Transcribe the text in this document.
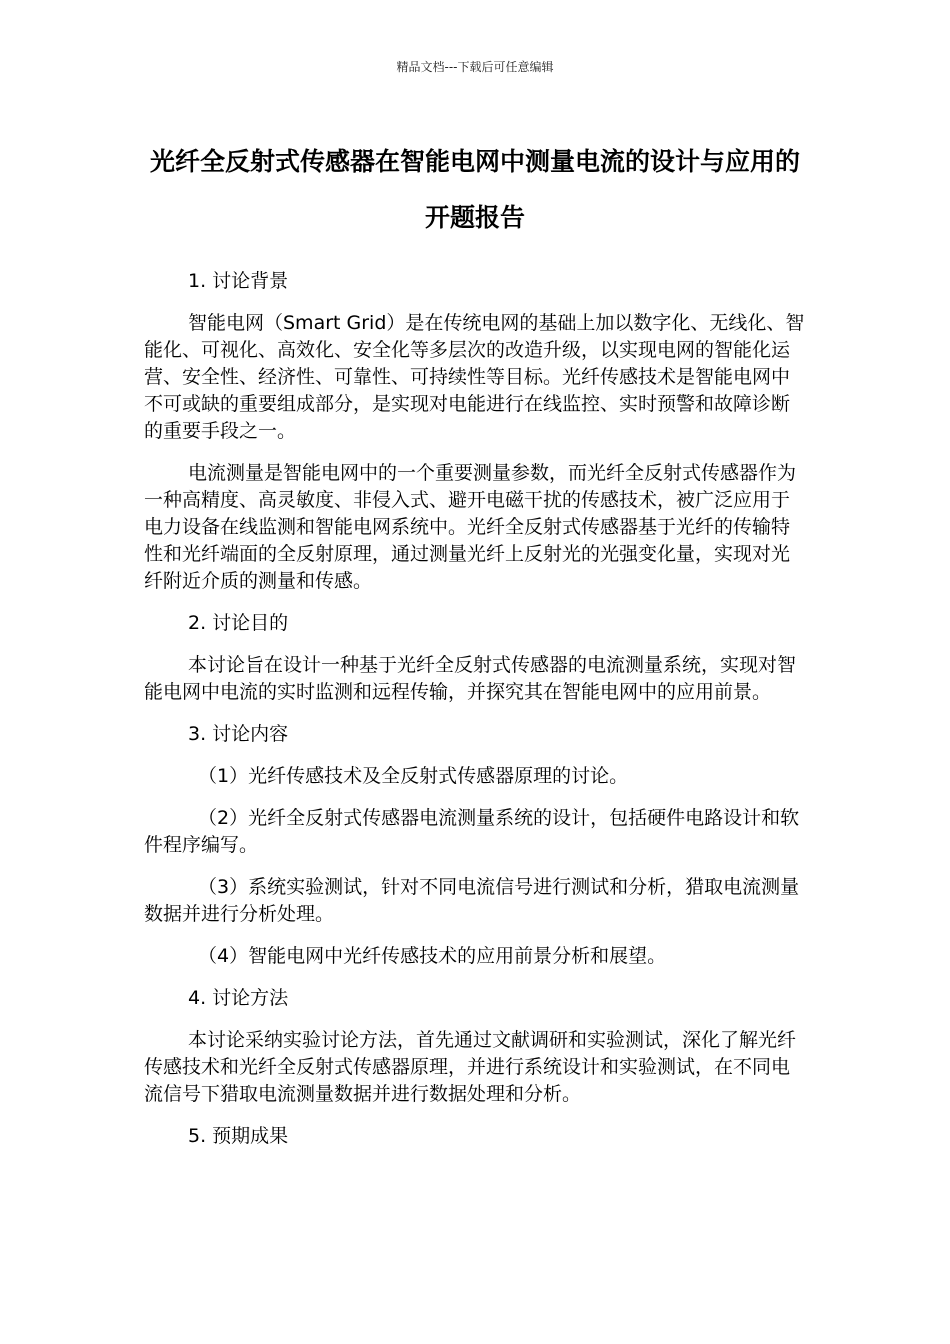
精品文档---下载后可任意编辑
光纤全反射式传感器在智能电网中测量电流的设计与应用的开题报告

1. 讨论背景

智能电网（Smart Grid）是在传统电网的基础上加以数字化、无线化、智能化、可视化、高效化、安全化等多层次的改造升级，以实现电网的智能化运营、安全性、经济性、可靠性、可持续性等目标。光纤传感技术是智能电网中不可或缺的重要组成部分，是实现对电能进行在线监控、实时预警和故障诊断的重要手段之一。

电流测量是智能电网中的一个重要测量参数，而光纤全反射式传感器作为一种高精度、高灵敏度、非侵入式、避开电磁干扰的传感技术，被广泛应用于电力设备在线监测和智能电网系统中。光纤全反射式传感器基于光纤的传输特性和光纤端面的全反射原理，通过测量光纤上反射光的光强变化量，实现对光纤附近介质的测量和传感。

2. 讨论目的

本讨论旨在设计一种基于光纤全反射式传感器的电流测量系统，实现对智能电网中电流的实时监测和远程传输，并探究其在智能电网中的应用前景。

3. 讨论内容

（1）光纤传感技术及全反射式传感器原理的讨论。

（2）光纤全反射式传感器电流测量系统的设计，包括硬件电路设计和软件程序编写。

（3）系统实验测试，针对不同电流信号进行测试和分析，猎取电流测量数据并进行分析处理。

（4）智能电网中光纤传感技术的应用前景分析和展望。

4. 讨论方法

本讨论采纳实验讨论方法，首先通过文献调研和实验测试，深化了解光纤传感技术和光纤全反射式传感器原理，并进行系统设计和实验测试，在不同电流信号下猎取电流测量数据并进行数据处理和分析。

5. 预期成果
